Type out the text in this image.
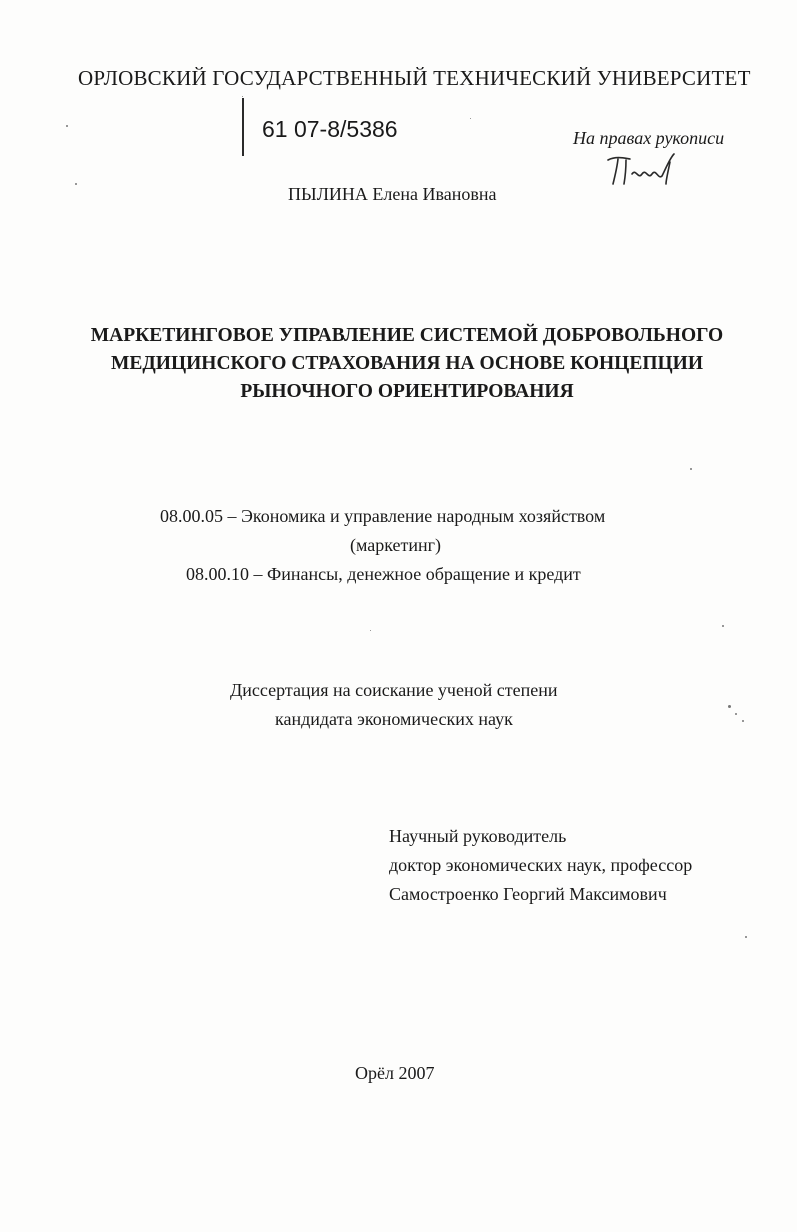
ОРЛОВСКИЙ ГОСУДАРСТВЕННЫЙ ТЕХНИЧЕСКИЙ УНИВЕРСИТЕТ
61 07-8/5386	На правах рукописи
ПЫЛИНА Елена Ивановна
МАРКЕТИНГОВОЕ УПРАВЛЕНИЕ СИСТЕМОЙ ДОБРОВОЛЬНОГО
МЕДИЦИНСКОГО СТРАХОВАНИЯ НА ОСНОВЕ КОНЦЕПЦИИ
РЫНОЧНОГО ОРИЕНТИРОВАНИЯ
08.00.05 – Экономика и управление народным хозяйством
(маркетинг)
08.00.10 – Финансы, денежное обращение и кредит
Диссертация на соискание ученой степени
кандидата экономических наук
Научный руководитель
доктор экономических наук, профессор
Самостроенко Георгий Максимович
Орёл 2007
